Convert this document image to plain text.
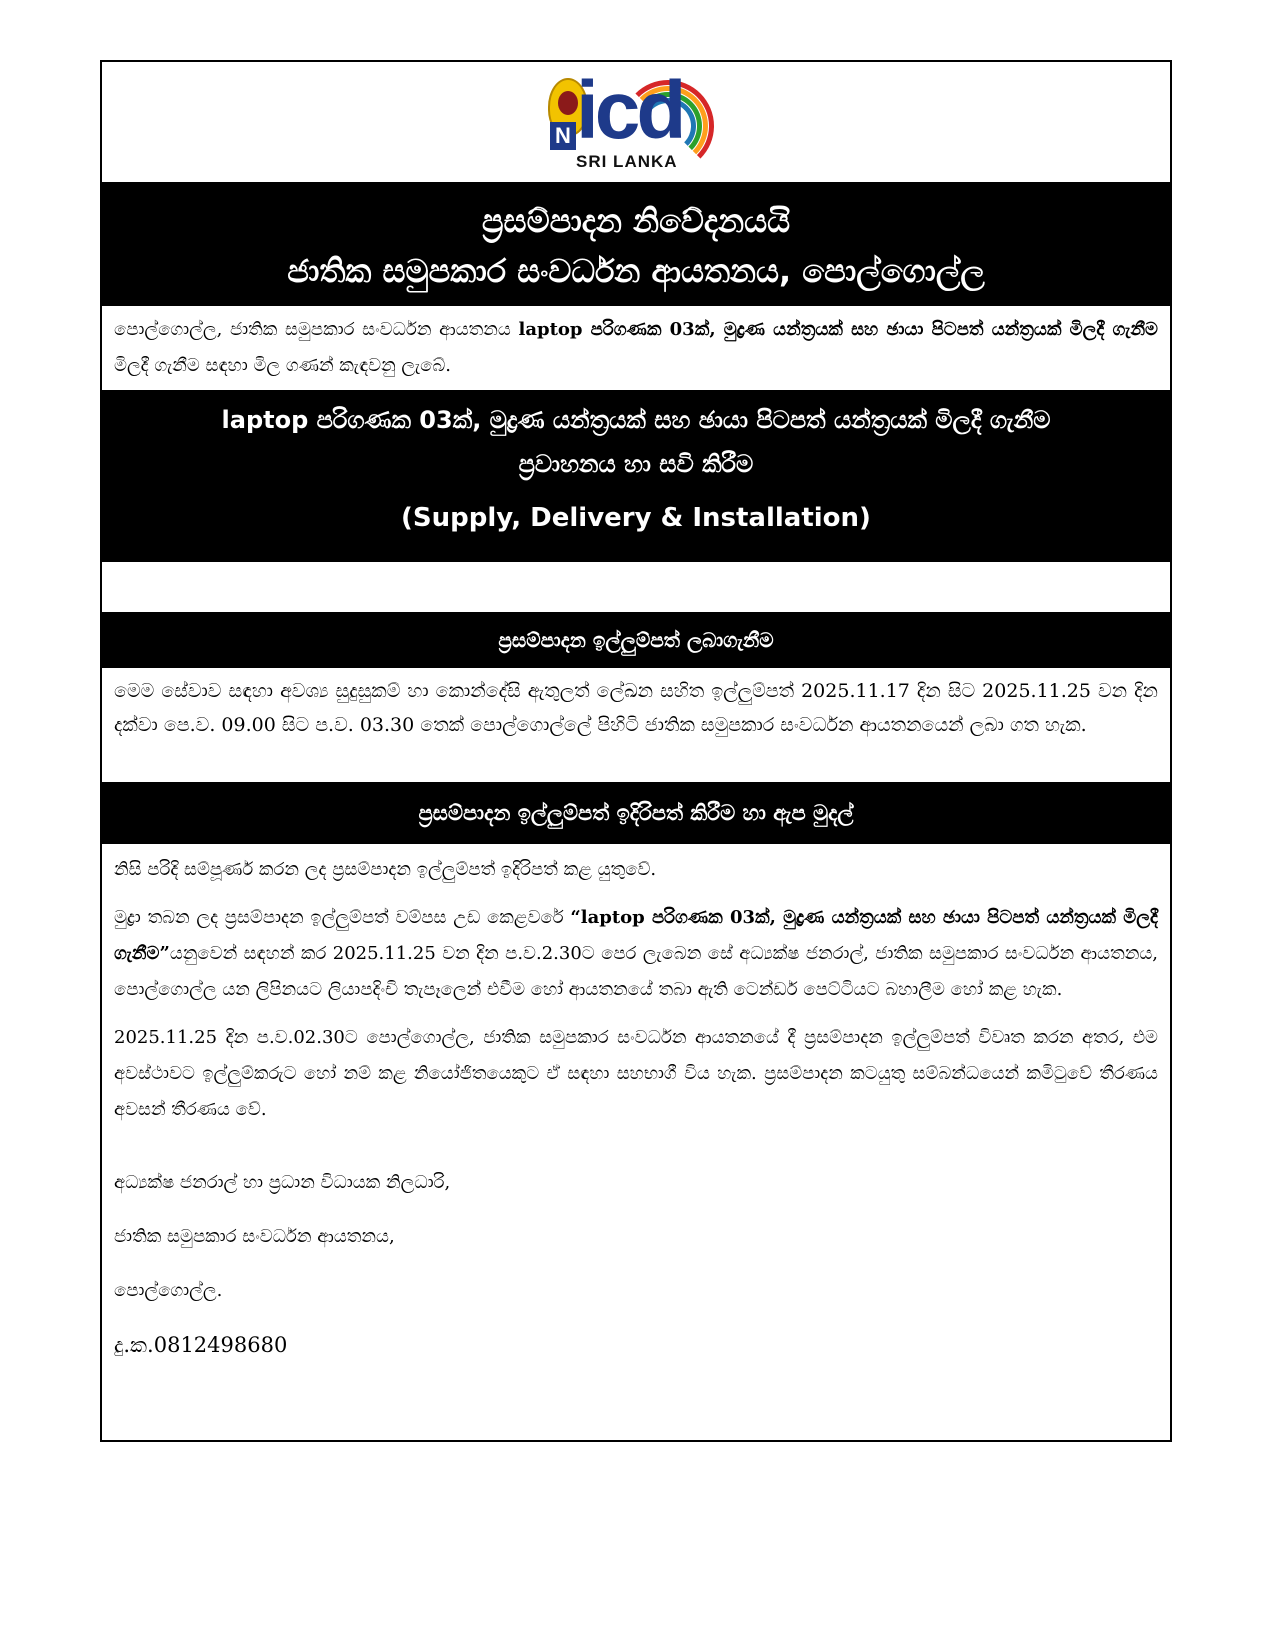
N icd
SRI LANKA
ප්‍රසම්පාදන නිවේදනයයි
ජාතික සමුපකාර සංවර්ධන ආයතනය, පොල්ගොල්ල
පොල්ගොල්ල, ජාතික සමුපකාර සංවර්ධන ආයතනය laptop පරිගණක 03ක්, මුද්‍රණ යන්ත්‍රයක් සහ ඡායා පිටපත් යන්ත්‍රයක් මිලදී ගැනීම මිලදී ගැනීම සඳහා මිල ගණන් කැඳවනු ලැබේ.
laptop පරිගණක 03ක්, මුද්‍රණ යන්ත්‍රයක් සහ ඡායා පිටපත් යන්ත්‍රයක් මිලදී ගැනීම
ප්‍රවාහනය හා සවි කිරීම
(Supply, Delivery & Installation)
ප්‍රසම්පාදන ඉල්ලුම්පත් ලබාගැනීම
මෙම සේවාව සඳහා අවශ්‍ය සුදුසුකම් හා කොන්දේසි ඇතුලත් ලේඛන සහිත ඉල්ලුම්පත් 2025.11.17 දින සිට 2025.11.25 වන දින දක්වා පෙ.ව. 09.00 සිට ප.ව. 03.30 තෙක් පොල්ගොල්ලේ පිහිටි ජාතික සමුපකාර සංවර්ධන ආයතනයෙන් ලබා ගත හැක.
ප්‍රසම්පාදන ඉල්ලුම්පත් ඉදිරිපත් කිරීම හා ඇප මුදල්

නිසි පරිදි සම්පූර්ණ කරන ලද ප්‍රසම්පාදන ඉල්ලුම්පත් ඉදිරිපත් කළ යුතුවේ.

මුද්‍රා තබන ලද ප්‍රසම්පාදන ඉල්ලුම්පත් වම්පස උඩ කෙළවරේ “laptop පරිගණක 03ක්, මුද්‍රණ යන්ත්‍රයක් සහ ඡායා පිටපත් යන්ත්‍රයක් මිලදී ගැනීම”යනුවෙන් සඳහන් කර 2025.11.25 වන දින ප.ව.2.30ට පෙර ලැබෙන සේ අධ්‍යක්ෂ ජනරාල්, ජාතික සමුපකාර සංවර්ධන ආයතනය, පොල්ගොල්ල යන ලිපිනයට ලියාපදිංචි තැපෑලෙන් එවීම හෝ ආයතනයේ තබා ඇති ටෙන්ඩර් පෙට්ටියට බහාලීම හෝ කළ හැක.

2025.11.25 දින ප.ව.02.30ට පොල්ගොල්ල, ජාතික සමුපකාර සංවර්ධන ආයතනයේ දී ප්‍රසම්පාදන ඉල්ලුම්පත් විවෘත කරන අතර, එම අවස්ථාවට ඉල්ලුම්කරුට හෝ නම් කළ නියෝජිතයෙකුට ඒ සඳහා සහභාගී විය හැක. ප්‍රසම්පාදන කටයුතු සම්බන්ධයෙන් කමිටුවේ තීරණය අවසන් තීරණය වේ.

අධ්‍යක්ෂ ජනරාල් හා ප්‍රධාන විධායක නිලධාරි,
ජාතික සමුපකාර සංවර්ධන ආයතනය,
පොල්ගොල්ල.
දු.ක.0812498680
